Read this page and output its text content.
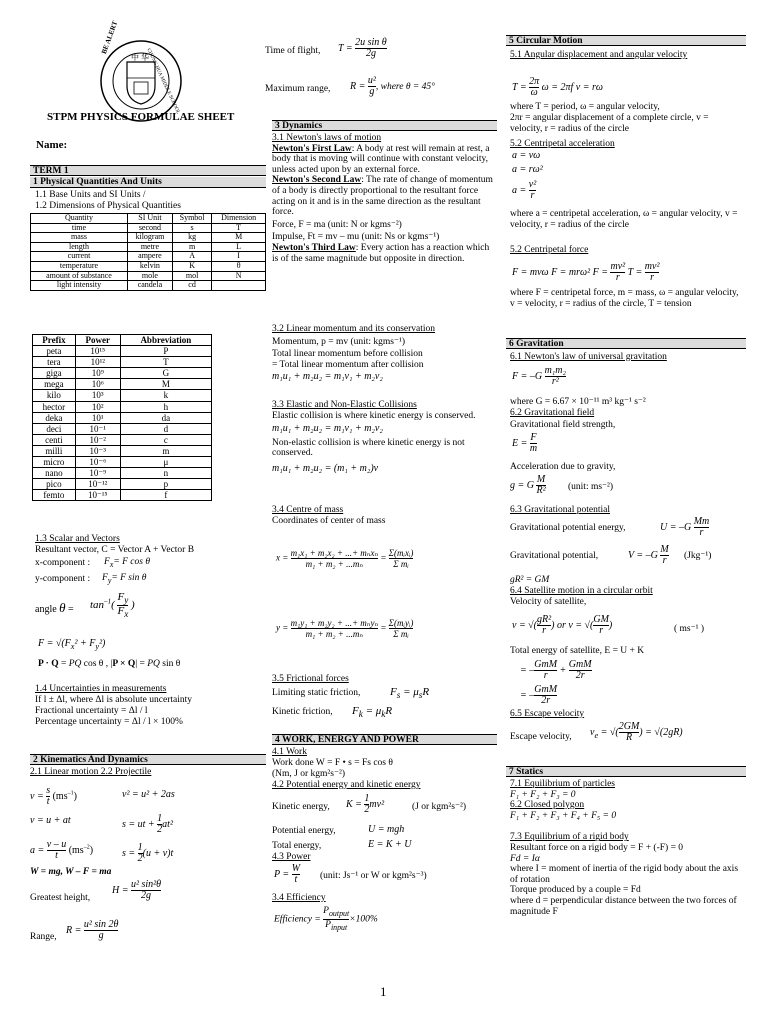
BE ALERT
中 华
CHUNG HUA MIDDLE SCHOOL
STPM PHYSICS FORMULAE SHEET
Name:
TERM 1
1 Physical Quantities And Units
1.1 Base Units and SI Units /
1.2 Dimensions of Physical Quantities
Quantity	SI Unit	Symbol	Dimension
time	second	s	T
mass	kilogram	kg	M
length	metre	m	L
current	ampere	A	I
temperature	kelvin	K	θ
amount of substance	mole	mol	N
light intensity	candela	cd	
Prefix	Power	Abbreviation
peta	10¹⁵	P
tera	10¹²	T
giga	10⁹	G
mega	10⁶	M
kilo	10³	k
hector	10²	h
deka	10¹	da
deci	10⁻¹	d
centi	10⁻²	c
milli	10⁻³	m
micro	10⁻⁶	μ
nano	10⁻⁹	n
pico	10⁻¹²	p
femto	10⁻¹⁵	f
1.3 Scalar and Vectors
Resultant vector, C = Vector A + Vector B
x-component : $F_x= F$ cos θ
y-component : $F_y= F$ sin θ
angle $\theta = \tan^{-1}( \frac{F_y}{F_x}$ )
$F = √(F_x^2 + F_y^2)$
P · Q = PQ cos θ , |P × Q| = PQ sin θ
1.4 Uncertainties in measurements
If l ± Δl, where Δl is absolute uncertainty
Fractional uncertainty = Δl / l
Percentage uncertainty = Δl / l × 100%
2 Kinematics And Dynamics
2.1 Linear motion 2.2 Projectile
$v = \frac{s}{t} (ms^{-1})$	v² = u² + 2as
v = u + at	s = ut + $\frac{1}{2} at^2$
$a = \frac{v - u}{t} (ms^{-2})$	$s = \frac{1}{2} (u + v)t$
W = mg, W – F = ma
Greatest height,
$H = \frac{\text{u² sin²θ}}{2g}$
Range,
$R = \frac{\text{u² sin 2θ}}{g}$
Time of flight, $T = \frac{\text{2u sin θ}}{2g}$
Maximum range, $R = \frac{\text{u²}}{g}$ , where θ = 45°
3 Dynamics
3.1 Newton's laws of motion
Newton's First Law: A body at rest will remain at rest, a body that is moving will continue with constant velocity, unless acted upon by an external force.
Newton's Second Law: The rate of change of momentum of a body is directly proportional to the resultant force acting on it and is in the same direction as the resultant force.
Force, F = ma (unit: N or kgms⁻²)
Impulse, Ft = mv – mu (unit: Ns or kgms⁻¹)
Newton's Third Law: Every action has a reaction which is of the same magnitude but opposite in direction.
3.2 Linear momentum and its conservation
Momentum, p = mv (unit: kgms⁻¹)
Total linear momentum before collision
= Total linear momentum after collision
m₁u₁ + m₂u₂ = m₁v₁ + m₂v₂
3.3 Elastic and Non-Elastic Collisions
Elastic collision is where kinetic energy is conserved.
m₁u₁ + m₂u₂ = m₁v₁ + m₂v₂
Non-elastic collision is where kinetic energy is not conserved.
m₁u₁ + m₂u₂ = (m₁ + m₂)v
3.4 Centre of mass
Coordinates of center of mass
$x = \frac{\text{m₁x₁ + m₂x₂ + ...+ mₙxₙ}}{\text{m₁ + m₂ + ...mₙ}} = \frac{\text{Σ(mᵢxᵢ)}}{\text{Σ mᵢ}}$
$y = \frac{\text{m₁y₁ + m₂y₂ + ...+ mₙyₙ}}{\text{m₁ + m₂ + ...mₙ}} = \frac{\text{Σ(mᵢyᵢ)}}{\text{Σ mᵢ}}$
3.5 Frictional forces
Limiting static friction,	$F_s = \mu_sR$
Kinetic friction, $F_k = \mu_kR$
4 WORK, ENERGY AND POWER
4.1 Work
Work done W = F • s = Fs cos θ
(Nm, J or kgm²s⁻²)
4.2 Potential energy and kinetic energy
Kinetic energy, $K = \frac{1}{2} mv^2$	(J or kgm²s⁻²)
Potential energy,	U = mgh
Total energy,	E = K + U
4.3 Power
$P = \frac{W}{t}$ (unit: Js⁻¹ or W or kgm²s⁻³)
3.4 Efficiency
Efficiency = $\frac{P_{output}}{P_{input}} \times 100\%$
5 Circular Motion
5.1 Angular displacement and angular velocity
$T = \frac{2\pi}{\omega}$ ω = 2πf v = rω
where T = period, ω = angular velocity,
2πr = angular displacement of a complete circle, v = velocity, r = radius of the circle
5.2 Centripetal acceleration
a = vω
a = rω²
$a = \frac{\text{v²}}{r}$
where a = centripetal acceleration, ω = angular velocity, v = velocity, r = radius of the circle
5.2 Centripetal force
F = mvω F = mrω² $F = \frac{\text{mv²}}{r}$ $T = \frac{\text{mv²}}{r}$
where F = centripetal force, m = mass, ω = angular velocity, v = velocity, r = radius of the circle, T = tension
6 Gravitation
6.1 Newton's law of universal gravitation
$F = -G \frac{\text{m₁m₂}}{\text{r²}}$
where G = 6.67 × 10⁻¹¹ m³ kg⁻¹ s⁻²
6.2 Gravitational field
Gravitational field strength,
$E = \frac{F}{m}$
Acceleration due to gravity,
g = G $\frac{M}{\text{R²}}$ (unit: ms⁻²)
6.3 Gravitational potential
Gravitational potential energy,	$U = -G \frac{Mm}{r}$
Gravitational potential,	$V = -G \frac{M}{r} (Jkg^{-1})$
gR² = GM
6.4 Satellite motion in a circular orbit
Velocity of satellite,
v = √( $\frac{\text{gR²}}{r}$ ) or v = √( $\frac{GM}{r}$ )	( ms⁻¹ )
Total energy of satellite, E = U + K
= – $\frac{\text{GmM}}{r} + \frac{\text{GmM}}{2r}$
= – $\frac{\text{GmM}}{2r}$
6.5 Escape velocity
Escape velocity, $v_e$ = √( $\frac{2GM}{R}$ ) = √(2gR)
7 Statics
7.1 Equilibrium of particles
F₁ + F₂ + F₃ = 0
6.2 Closed polygon
F₁ + F₂ + F₃ + F₄ + F₅ = 0
7.3 Equilibrium of a rigid body
Resultant force on a rigid body = F + (-F) = 0
Fd = Iα
where I = moment of inertia of the rigid body about the axis of rotation
Torque produced by a couple = Fd
where d = perpendicular distance between the two forces of magnitude F
1
